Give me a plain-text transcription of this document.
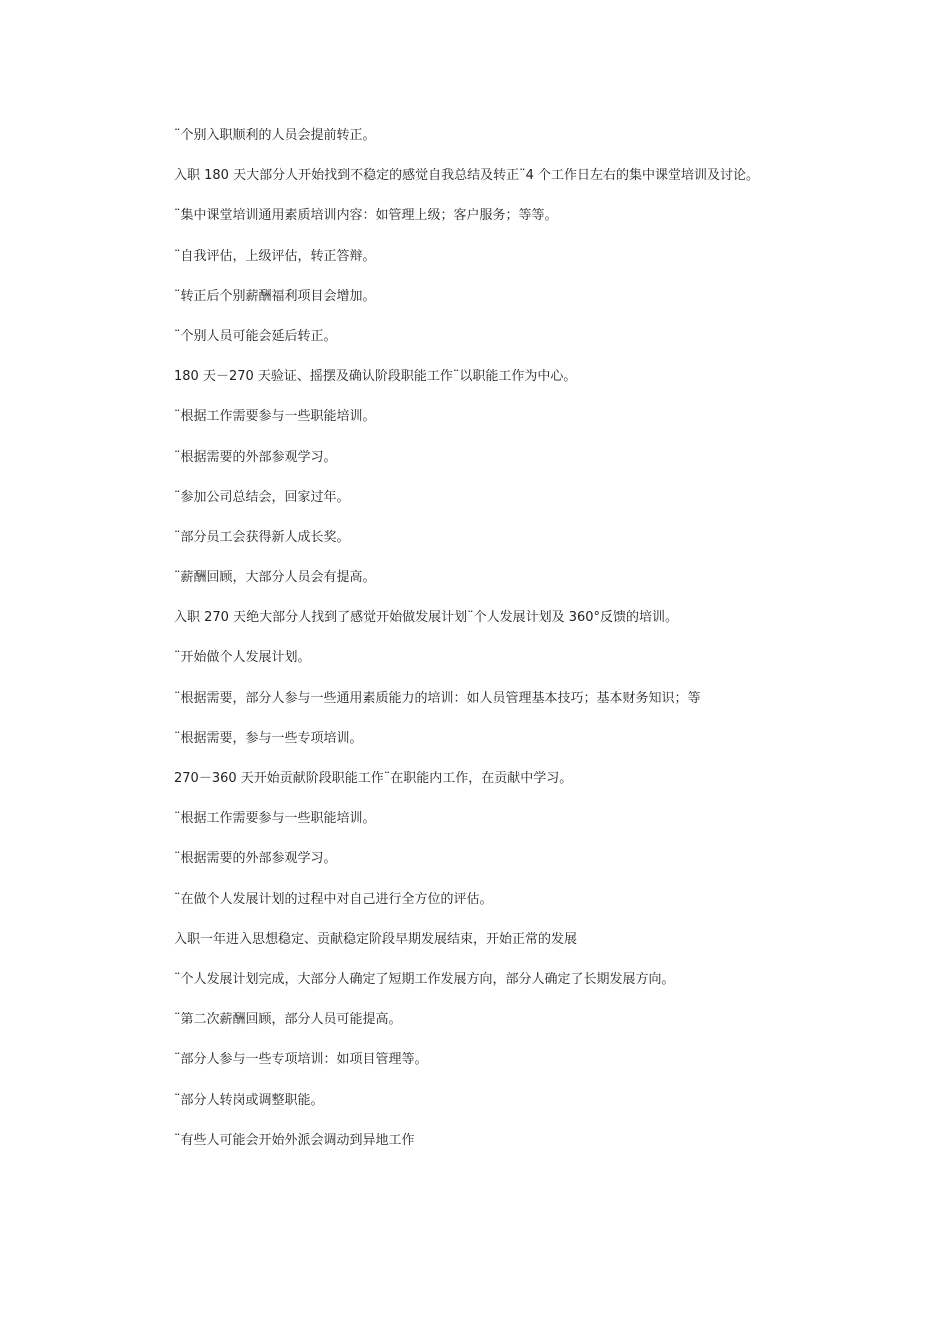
¨个别入职顺利的人员会提前转正。
入职 180 天大部分人开始找到不稳定的感觉自我总结及转正¨4 个工作日左右的集中课堂培训及讨论。
¨集中课堂培训通用素质培训内容：如管理上级；客户服务；等等。
¨自我评估，上级评估，转正答辩。
¨转正后个别薪酬福利项目会增加。
¨个别人员可能会延后转正。
180 天－270 天验证、摇摆及确认阶段职能工作¨以职能工作为中心。
¨根据工作需要参与一些职能培训。
¨根据需要的外部参观学习。
¨参加公司总结会，回家过年。
¨部分员工会获得新人成长奖。
¨薪酬回顾，大部分人员会有提高。
入职 270 天绝大部分人找到了感觉开始做发展计划¨个人发展计划及 360°反馈的培训。
¨开始做个人发展计划。
¨根据需要，部分人参与一些通用素质能力的培训：如人员管理基本技巧；基本财务知识；等
¨根据需要，参与一些专项培训。
270－360 天开始贡献阶段职能工作¨在职能内工作，在贡献中学习。
¨根据工作需要参与一些职能培训。
¨根据需要的外部参观学习。
¨在做个人发展计划的过程中对自己进行全方位的评估。
入职一年进入思想稳定、贡献稳定阶段早期发展结束，开始正常的发展
¨个人发展计划完成，大部分人确定了短期工作发展方向，部分人确定了长期发展方向。
¨第二次薪酬回顾，部分人员可能提高。
¨部分人参与一些专项培训：如项目管理等。
¨部分人转岗或调整职能。
¨有些人可能会开始外派会调动到异地工作
